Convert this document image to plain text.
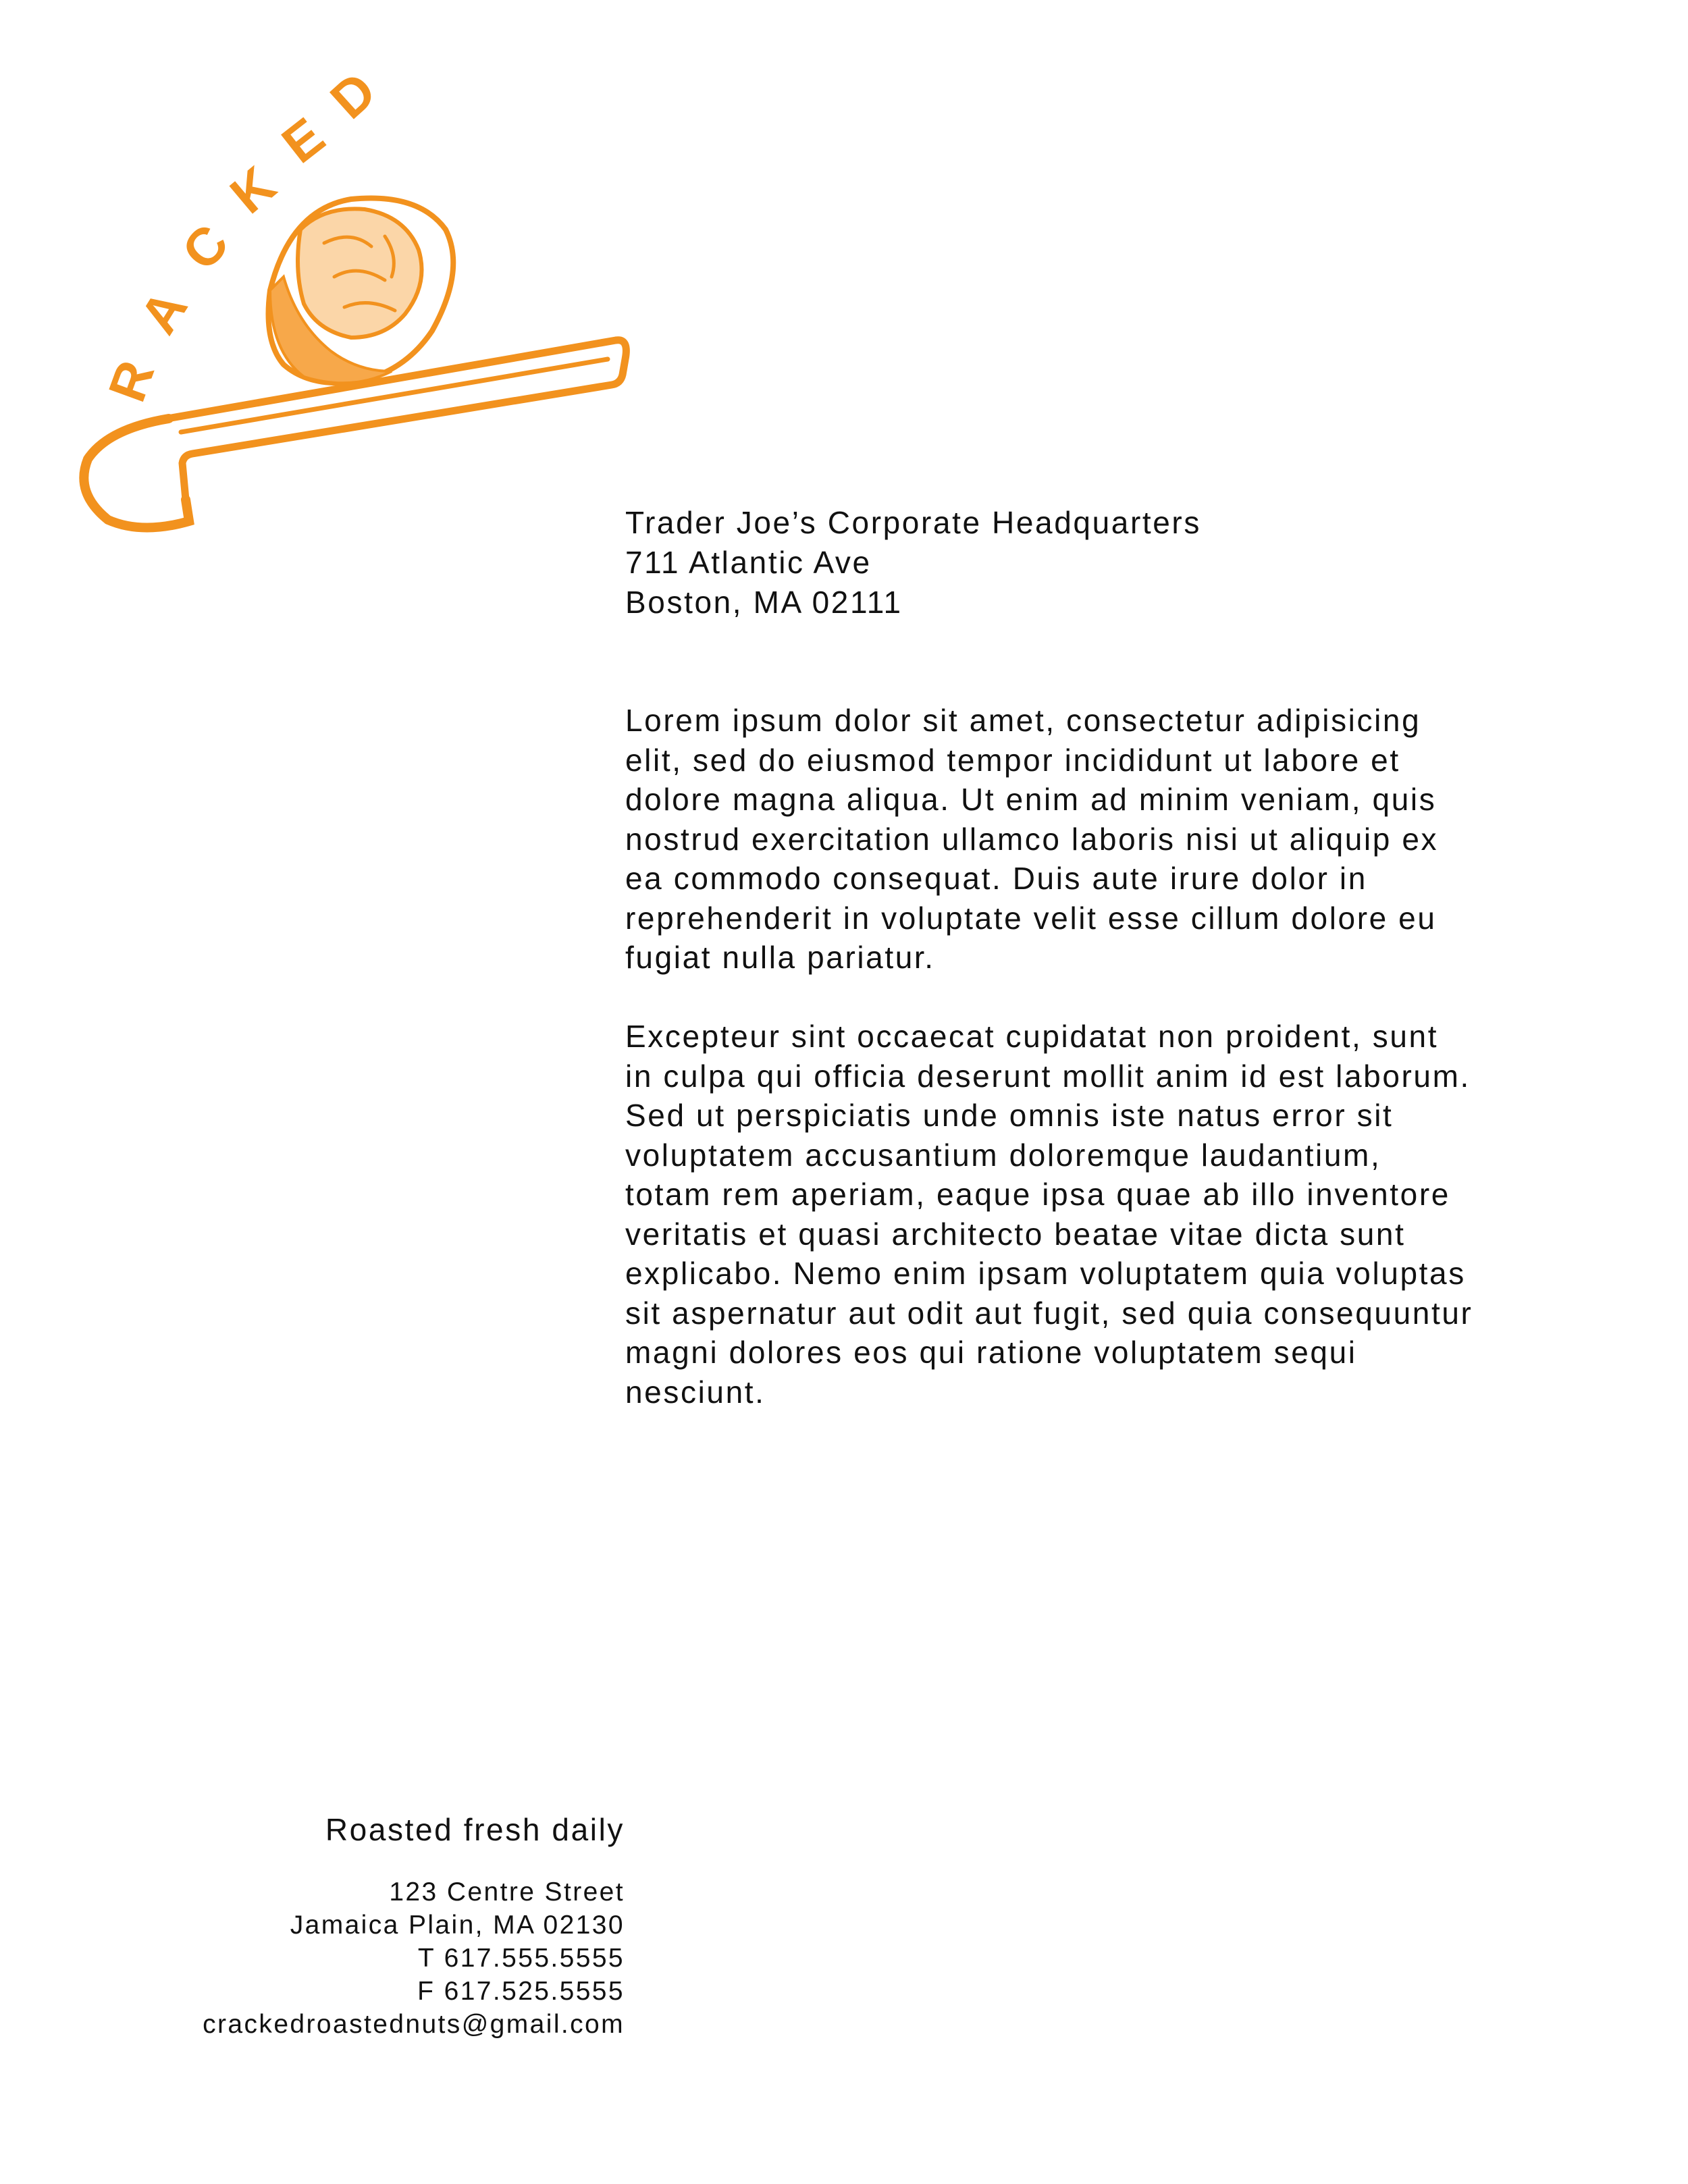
R
A
C
K
E
D
Trader Joe’s Corporate Headquarters
711 Atlantic Ave
Boston, MA 02111

Lorem ipsum dolor sit amet, consectetur adipisicing elit, sed do eiusmod tempor incididunt ut labore et dolore magna aliqua. Ut enim ad minim veniam, quis nostrud exercitation ullamco laboris nisi ut aliquip ex ea commodo consequat. Duis aute irure dolor in reprehenderit in voluptate velit esse cillum dolore eu fugiat nulla pariatur.

Excepteur sint occaecat cupidatat non proident, sunt in culpa qui officia deserunt mollit anim id est laborum. Sed ut perspiciatis unde omnis iste natus error sit voluptatem accusantium doloremque laudantium, totam rem aperiam, eaque ipsa quae ab illo inventore veritatis et quasi architecto beatae vitae dicta sunt explicabo. Nemo enim ipsam voluptatem quia voluptas sit aspernatur aut odit aut fugit, sed quia consequuntur magni dolores eos qui ratione voluptatem sequi nesciunt.

Roasted fresh daily
123 Centre Street
Jamaica Plain, MA 02130
T 617.555.5555
F 617.525.5555
crackedroastednuts@gmail.com
